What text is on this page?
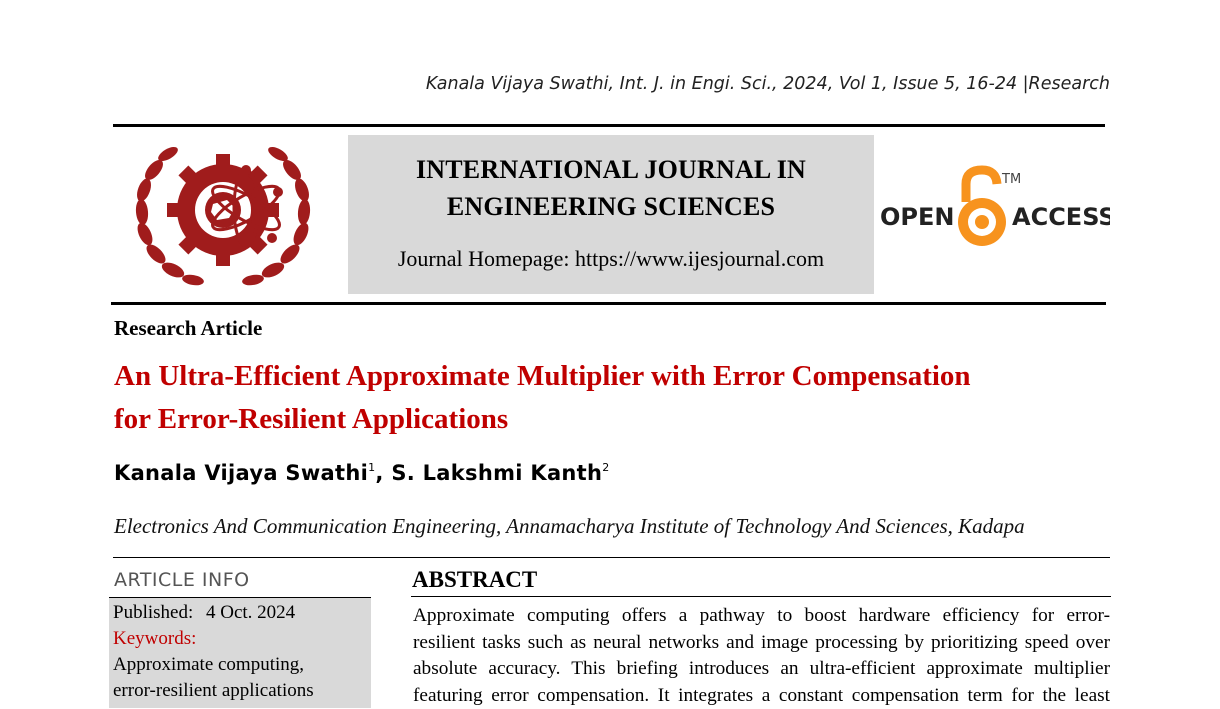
Kanala Vijaya Swathi, Int. J. in Engi. Sci., 2024, Vol 1, Issue 5, 16-24 |Research
INTERNATIONAL JOURNAL IN
ENGINEERING SCIENCES
Journal Homepage: https://www.ijesjournal.com
OPEN ACCESS
TM
Research Article
An Ultra-Efficient Approximate Multiplier with Error Compensation
for Error-Resilient Applications
Kanala Vijaya Swathi$^1$, S. Lakshmi Kanth$^2$
Electronics And Communication Engineering, Annamacharya Institute of Technology And Sciences, Kadapa
ARTICLE INFO
Published: 4 Oct. 2024
Keywords:
Approximate computing,
error-resilient applications
ABSTRACT
Approximate computing offers a pathway to boost hardware efficiency for error-
resilient tasks such as neural networks and image processing by prioritizing speed over
absolute accuracy. This briefing introduces an ultra-efficient approximate multiplier
featuring error compensation. It integrates a constant compensation term for the least
